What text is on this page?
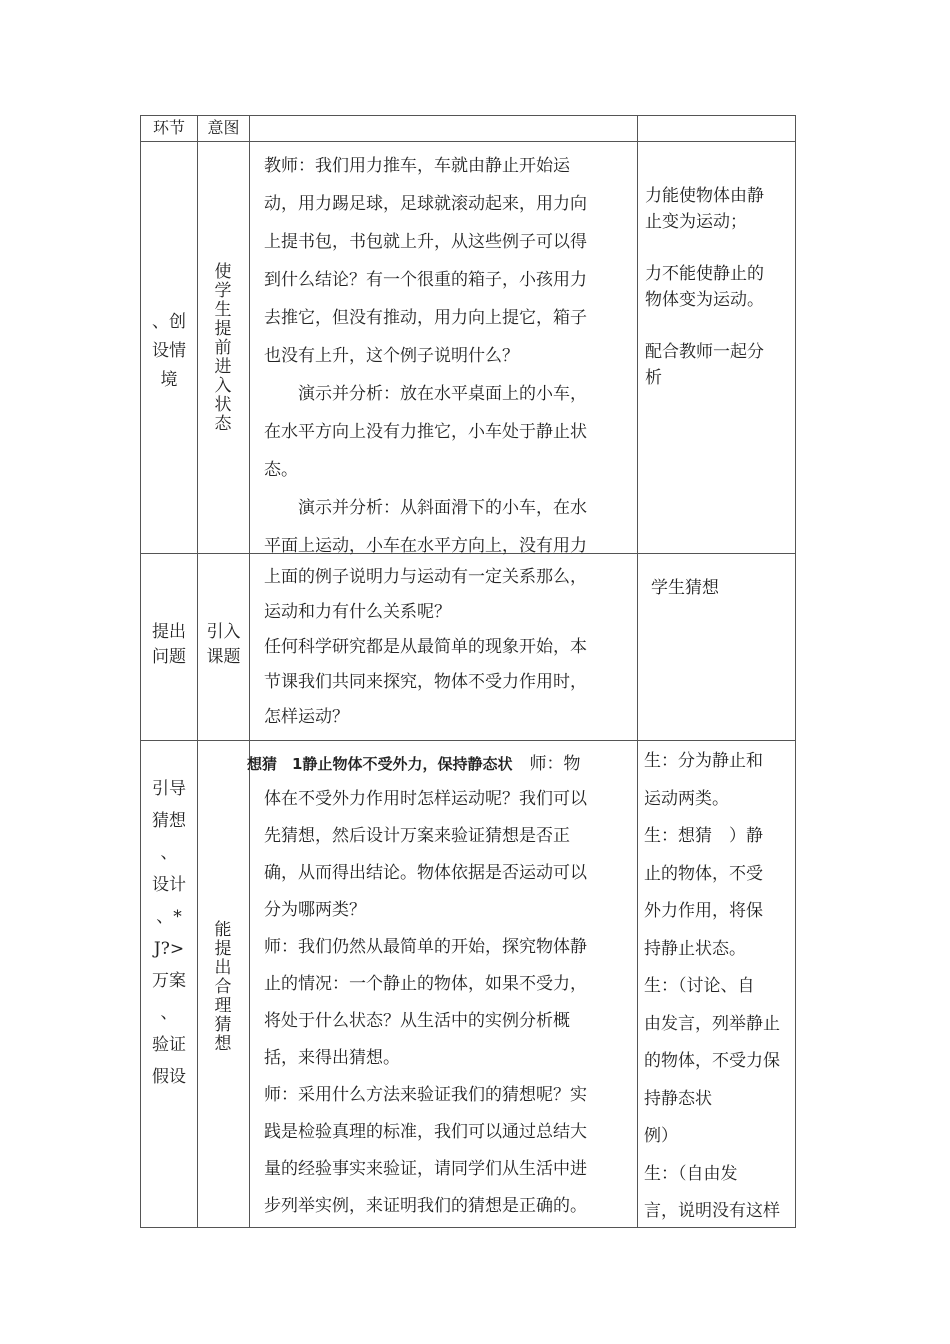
环节	意图
、创
设情
境
使
学
生
提
前
进
入
状
态
教师：我们用力推车，车就由静止开始运
动，用力踢足球，足球就滚动起来，用力向
上提书包，书包就上升，从这些例子可以得
到什么结论？有一个很重的箱子，小孩用力
去推它，但没有推动，用力向上提它，箱子
也没有上升，这个例子说明什么？
演示并分析：放在水平桌面上的小车，
在水平方向上没有力推它，小车处于静止状
态。
演示并分析：从斜面滑下的小车，在水
平面上运动，小车在水平方向上，没有用力
力能使物体由静
止变为运动；

力不能使静止的
物体变为运动。

配合教师一起分
析
提出
问题
引入
课题
上面的例子说明力与运动有一定关系那么，
运动和力有什么关系呢？
任何科学研究都是从最简单的现象开始，本
节课我们共同来探究，物体不受力作用时，
怎样运动？
学生猜想
引导
猜想
、
设计
、*
J?>
万案
、
验证
假设
能
提
出
合
理
猜
想
想猜　1静止物体不受外力，保持静态状　师：物
体在不受外力作用时怎样运动呢？我们可以
先猜想，然后设计万案来验证猜想是否正
确，从而得出结论。物体依据是否运动可以
分为哪两类？
师：我们仍然从最简单的开始，探究物体静
止的情况：一个静止的物体，如果不受力，
将处于什么状态？从生活中的实例分析概
括，来得出猜想。
师：采用什么方法来验证我们的猜想呢？实
践是检验真理的标准，我们可以通过总结大
量的经验事实来验证，请同学们从生活中进
步列举实例，来证明我们的猜想是正确的。
生：分为静止和
运动两类。
生：想猜　）静
止的物体，不受
外力作用，将保
持静止状态。
生：（讨论、自
由发言，列举静止
的物体，不受力保
持静态状
例）
生：（自由发
言，说明没有这样
